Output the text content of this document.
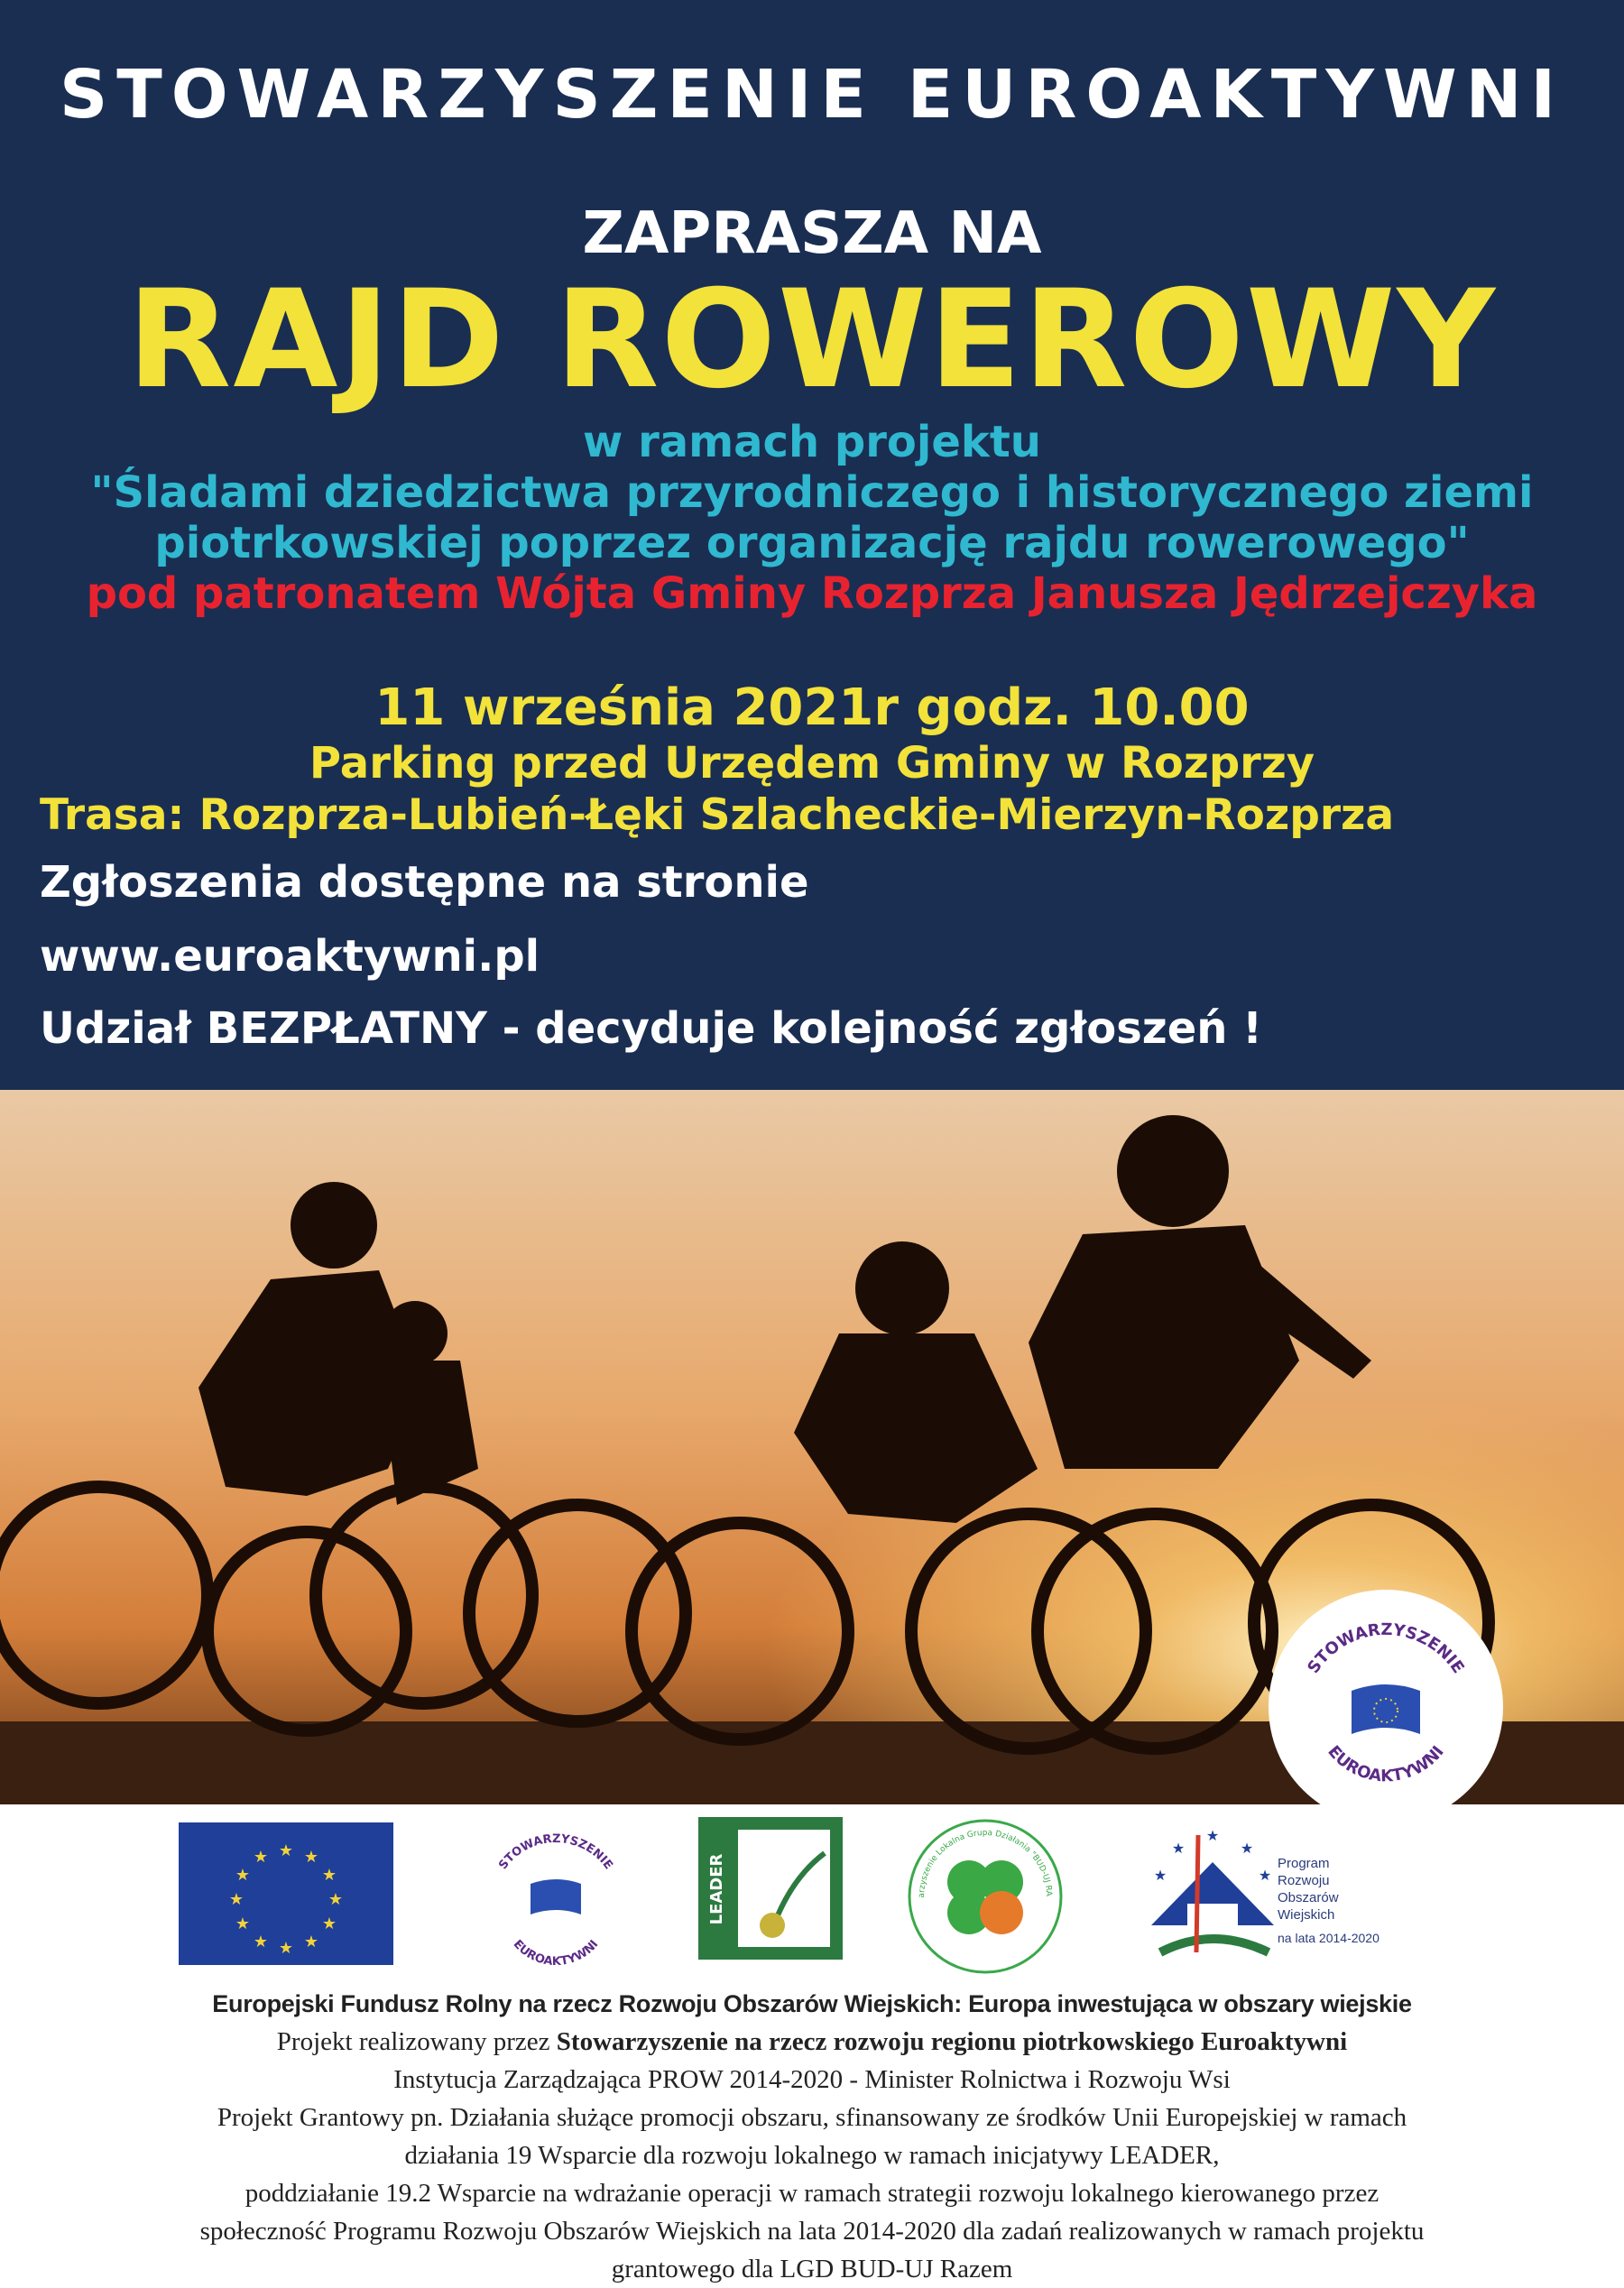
STOWARZYSZENIE EUROAKTYWNI
ZAPRASZA NA
RAJD ROWEROWY
w ramach projektu
"Śladami dziedzictwa przyrodniczego i historycznego ziemi
piotrkowskiej poprzez organizację rajdu rowerowego"
pod patronatem Wójta Gminy Rozprza Janusza Jędrzejczyka
11 września 2021r godz. 10.00
Parking przed Urzędem Gminy w Rozprzy
Trasa: Rozprza-Lubień-Łęki Szlacheckie-Mierzyn-Rozprza
Zgłoszenia dostępne na stronie
www.euroaktywni.pl
Udział BEZPŁATNY - decyduje kolejność zgłoszeń !
STOWARZYSZENIE
EUROAKTYWNI
★ ★
★
★
★
★
★
★
★
★
★
★	STOWARZYSZENIE
EUROAKTYWNI
LEADER	arzyszenie Lokalna Grupa Działania "BUD-UJ RA
★
★
★
★
★
Program
Rozwoju
Obszarów
Wiejskich
na lata 2014-2020
Europejski Fundusz Rolny na rzecz Rozwoju Obszarów Wiejskich: Europa inwestująca w obszary wiejskie
Projekt realizowany przez Stowarzyszenie na rzecz rozwoju regionu piotrkowskiego Euroaktywni
Instytucja Zarządzająca PROW 2014-2020 - Minister Rolnictwa i Rozwoju Wsi
Projekt Grantowy pn. Działania służące promocji obszaru, sfinansowany ze środków Unii Europejskiej w ramach
działania 19 Wsparcie dla rozwoju lokalnego w ramach inicjatywy LEADER,
poddziałanie 19.2 Wsparcie na wdrażanie operacji w ramach strategii rozwoju lokalnego kierowanego przez
społeczność Programu Rozwoju Obszarów Wiejskich na lata 2014-2020 dla zadań realizowanych w ramach projektu
grantowego dla LGD BUD-UJ Razem
